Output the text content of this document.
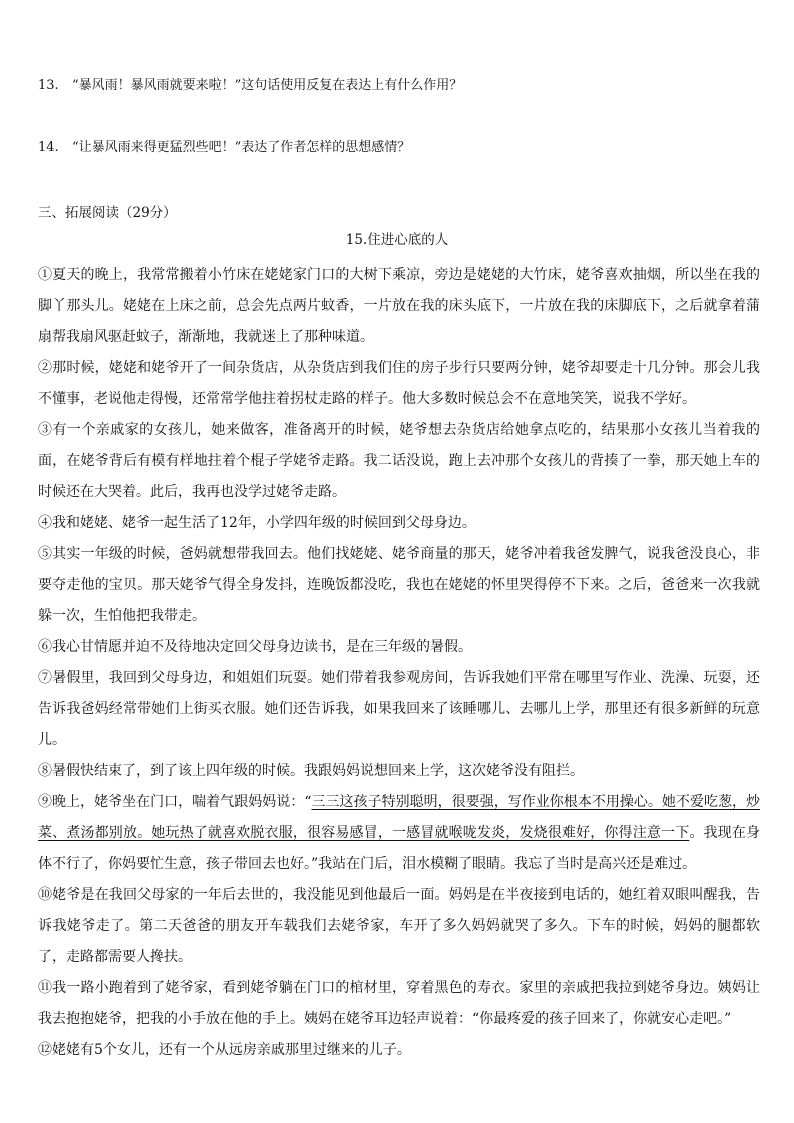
13. “暴风雨！暴风雨就要来啦！”这句话使用反复在表达上有什么作用？
14. “让暴风雨来得更猛烈些吧！”表达了作者怎样的思想感情？
三、拓展阅读（29分）
15.住进心底的人

①夏天的晚上，我常常搬着小竹床在姥姥家门口的大树下乘凉，旁边是姥姥的大竹床，姥爷喜欢抽烟，所以坐在我的脚丫那头儿。姥姥在上床之前，总会先点两片蚊香，一片放在我的床头底下，一片放在我的床脚底下，之后就拿着蒲扇帮我扇风驱赶蚊子，渐渐地，我就迷上了那种味道。

②那时候，姥姥和姥爷开了一间杂货店，从杂货店到我们住的房子步行只要两分钟，姥爷却要走十几分钟。那会儿我不懂事，老说他走得慢，还常常学他拄着拐杖走路的样子。他大多数时候总会不在意地笑笑，说我不学好。

③有一个亲戚家的女孩儿，她来做客，准备离开的时候，姥爷想去杂货店给她拿点吃的，结果那小女孩儿当着我的面，在姥爷背后有模有样地拄着个棍子学姥爷走路。我二话没说，跑上去冲那个女孩儿的背揍了一拳，那天她上车的时候还在大哭着。此后，我再也没学过姥爷走路。

④我和姥姥、姥爷一起生活了12年，小学四年级的时候回到父母身边。

⑤其实一年级的时候，爸妈就想带我回去。他们找姥姥、姥爷商量的那天，姥爷冲着我爸发脾气，说我爸没良心，非要夺走他的宝贝。那天姥爷气得全身发抖，连晚饭都没吃，我也在姥姥的怀里哭得停不下来。之后，爸爸来一次我就躲一次，生怕他把我带走。

⑥我心甘情愿并迫不及待地决定回父母身边读书，是在三年级的暑假。

⑦暑假里，我回到父母身边，和姐姐们玩耍。她们带着我参观房间，告诉我她们平常在哪里写作业、洗澡、玩耍，还告诉我爸妈经常带她们上街买衣服。她们还告诉我，如果我回来了该睡哪儿、去哪儿上学，那里还有很多新鲜的玩意儿。

⑧暑假快结束了，到了该上四年级的时候。我跟妈妈说想回来上学，这次姥爷没有阻拦。

⑨晚上，姥爷坐在门口，喘着气跟妈妈说：“三三这孩子特别聪明，很要强，写作业你根本不用操心。她不爱吃葱，炒菜、煮汤都别放。她玩热了就喜欢脱衣服，很容易感冒，一感冒就喉咙发炎，发烧很难好，你得注意一下。我现在身体不行了，你妈要忙生意，孩子带回去也好。”我站在门后，泪水模糊了眼睛。我忘了当时是高兴还是难过。

⑩姥爷是在我回父母家的一年后去世的，我没能见到他最后一面。妈妈是在半夜接到电话的，她红着双眼叫醒我，告诉我姥爷走了。第二天爸爸的朋友开车载我们去姥爷家，车开了多久妈妈就哭了多久。下车的时候，妈妈的腿都软了，走路都需要人搀扶。

⑪我一路小跑着到了姥爷家，看到姥爷躺在门口的棺材里，穿着黑色的寿衣。家里的亲戚把我拉到姥爷身边。姨妈让我去抱抱姥爷，把我的小手放在他的手上。姨妈在姥爷耳边轻声说着：“你最疼爱的孩子回来了，你就安心走吧。”

⑫姥姥有5个女儿，还有一个从远房亲戚那里过继来的儿子。
